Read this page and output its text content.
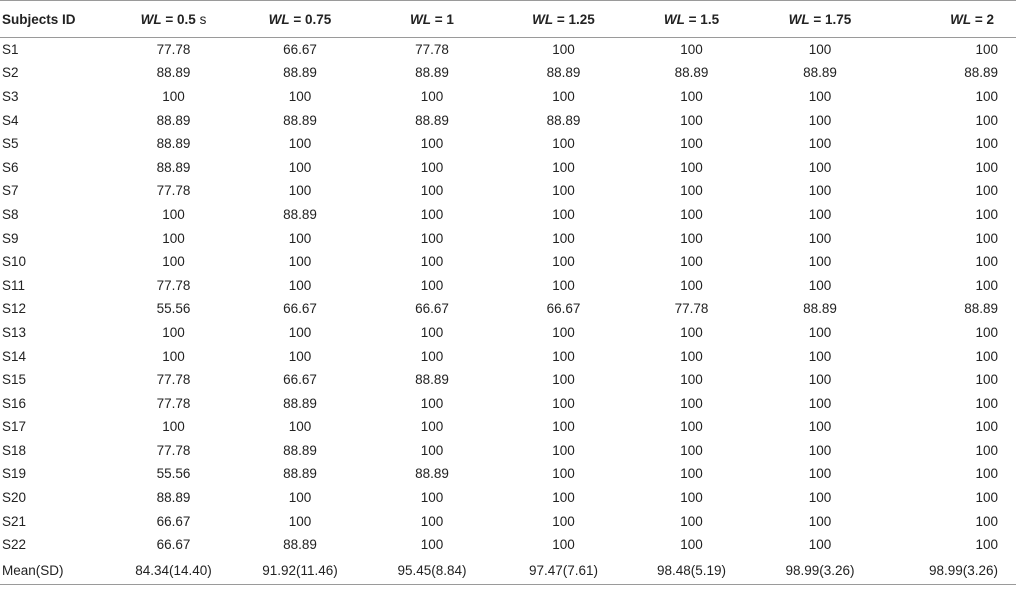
Subjects ID	WL = 0.5 s	WL = 0.75	WL = 1	WL = 1.25	WL = 1.5	WL = 1.75	WL = 2
S1	77.78	66.67	77.78	100	100	100	100
S2	88.89	88.89	88.89	88.89	88.89	88.89	88.89
S3	100	100	100	100	100	100	100
S4	88.89	88.89	88.89	88.89	100	100	100
S5	88.89	100	100	100	100	100	100
S6	88.89	100	100	100	100	100	100
S7	77.78	100	100	100	100	100	100
S8	100	88.89	100	100	100	100	100
S9	100	100	100	100	100	100	100
S10	100	100	100	100	100	100	100
S11	77.78	100	100	100	100	100	100
S12	55.56	66.67	66.67	66.67	77.78	88.89	88.89
S13	100	100	100	100	100	100	100
S14	100	100	100	100	100	100	100
S15	77.78	66.67	88.89	100	100	100	100
S16	77.78	88.89	100	100	100	100	100
S17	100	100	100	100	100	100	100
S18	77.78	88.89	100	100	100	100	100
S19	55.56	88.89	88.89	100	100	100	100
S20	88.89	100	100	100	100	100	100
S21	66.67	100	100	100	100	100	100
S22	66.67	88.89	100	100	100	100	100
Mean(SD)	84.34(14.40)	91.92(11.46)	95.45(8.84)	97.47(7.61)	98.48(5.19)	98.99(3.26)	98.99(3.26)
